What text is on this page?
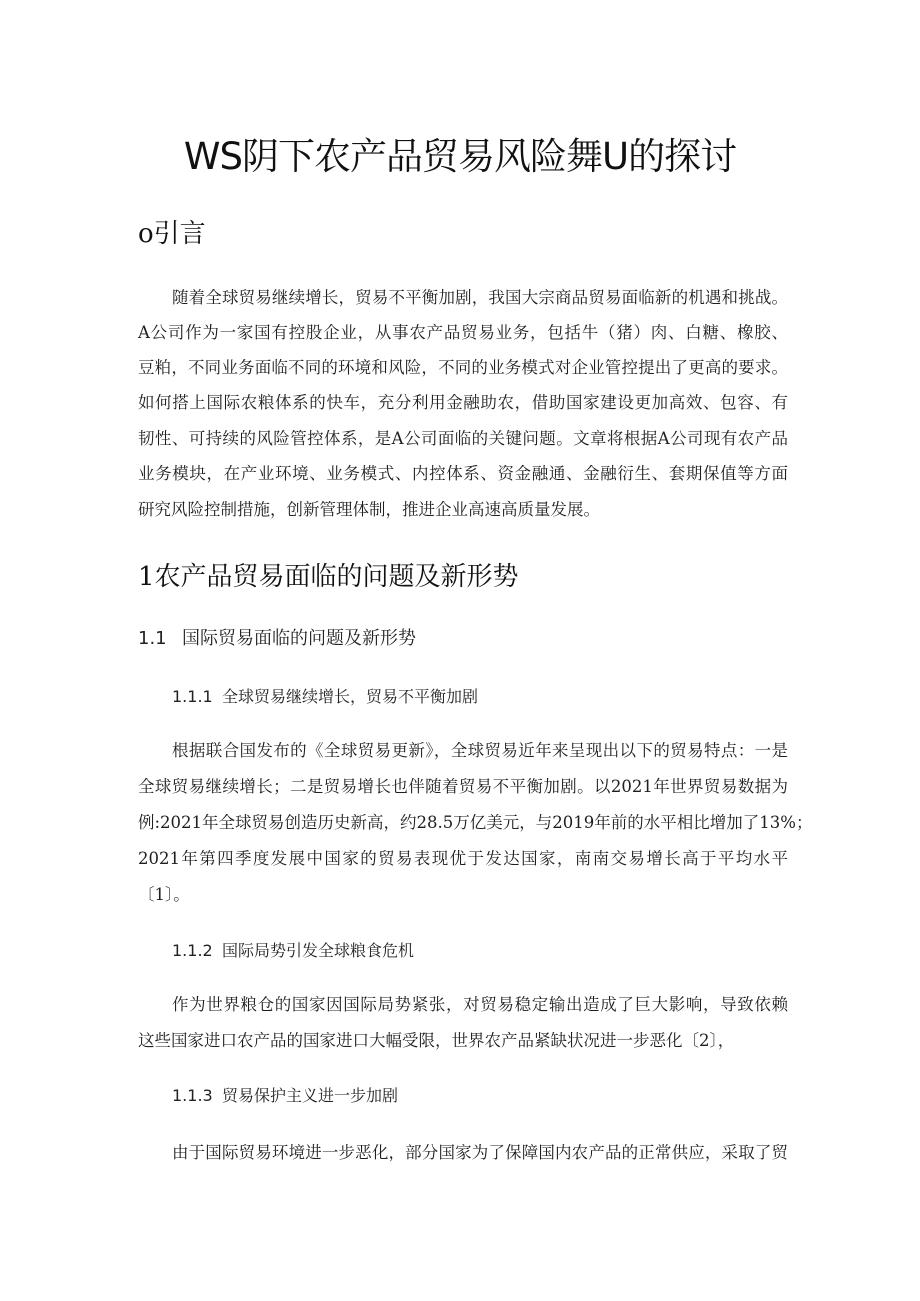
WS阴下农产品贸易风险舞U的探讨
o引言
随着全球贸易继续增长，贸易不平衡加剧，我国大宗商品贸易面临新的机遇和挑战。
A公司作为一家国有控股企业，从事农产品贸易业务，包括牛（猪）肉、白糖、橡胶、
豆粕，不同业务面临不同的环境和风险，不同的业务模式对企业管控提出了更高的要求。
如何搭上国际农粮体系的快车，充分利用金融助农，借助国家建设更加高效、包容、有
韧性、可持续的风险管控体系，是A公司面临的关键问题。文章将根据A公司现有农产品
业务模块，在产业环境、业务模式、内控体系、资金融通、金融衍生、套期保值等方面
研究风险控制措施，创新管理体制，推进企业高速高质量发展。
1农产品贸易面临的问题及新形势
1.1 国际贸易面临的问题及新形势
1.1.1 全球贸易继续增长，贸易不平衡加剧
根据联合国发布的《全球贸易更新》，全球贸易近年来呈现出以下的贸易特点：一是
全球贸易继续增长；二是贸易增长也伴随着贸易不平衡加剧。以2021年世界贸易数据为
例:2021年全球贸易创造历史新高，约28.5万亿美元，与2019年前的水平相比增加了13%；
2021年第四季度发展中国家的贸易表现优于发达国家，南南交易增长高于平均水平
〔1〕。
1.1.2 国际局势引发全球粮食危机
作为世界粮仓的国家因国际局势紧张，对贸易稳定输出造成了巨大影响，导致依赖
这些国家进口农产品的国家进口大幅受限，世界农产品紧缺状况进一步恶化〔2〕，
1.1.3 贸易保护主义进一步加剧
由于国际贸易环境进一步恶化，部分国家为了保障国内农产品的正常供应，采取了贸
